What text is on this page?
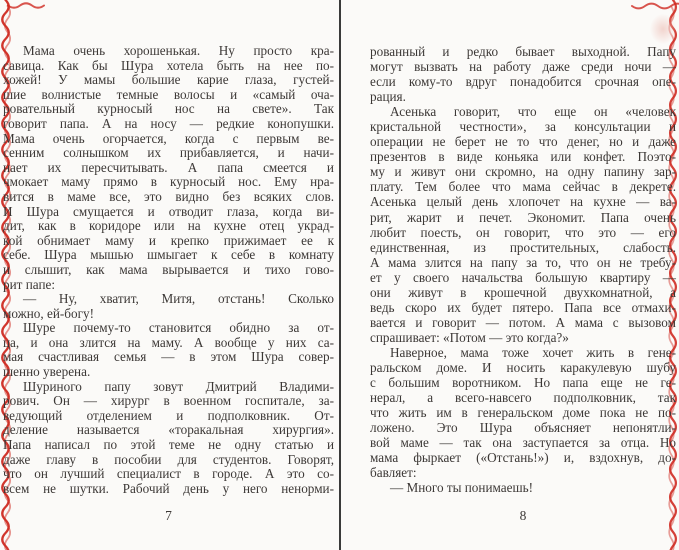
Мама очень хорошенькая. Ну просто кра-
савица. Как бы Шура хотела быть на нее по-
хожей! У мамы большие карие глаза, густей-
шие волнистые темные волосы и «самый оча-
ровательный курносый нос на свете». Так
говорит папа. А на носу — редкие конопушки.
Мама очень огорчается, когда с первым ве-
сенним солнышком их прибавляется, и начи-
нает их пересчитывать. А папа смеется и
чмокает маму прямо в курносый нос. Ему нра-
вится в маме все, это видно без всяких слов.
И Шура смущается и отводит глаза, когда ви-
дит, как в коридоре или на кухне отец украд-
кой обнимает маму и крепко прижимает ее к
себе. Шура мышью шмыгает к себе в комнату
и слышит, как мама вырывается и тихо гово-
рит папе:
— Ну, хватит, Митя, отстань! Сколько
можно, ей-богу!
Шуре почему-то становится обидно за от-
ца, и она злится на маму. А вообще у них са-
мая счастливая семья — в этом Шура совер-
шенно уверена.
Шуриного папу зовут Дмитрий Владими-
рович. Он — хирург в военном госпитале, за-
ведующий отделением и подполковник. От-
деление называется «торакальная хирургия».
Папа написал по этой теме не одну статью и
даже главу в пособии для студентов. Говорят,
что он лучший специалист в городе. А это со-
всем не шутки. Рабочий день у него ненорми-
7
рованный и редко бывает выходной. Папу
могут вызвать на работу даже среди ночи —
если кому-то вдруг понадобится срочная опе-
рация.
Асенька говорит, что еще он «человек
кристальной честности», за консультации и
операции не берет не то что денег, но и даже
презентов в виде коньяка или конфет. Поэто-
му и живут они скромно, на одну папину зар-
плату. Тем более что мама сейчас в декрете.
Асенька целый день хлопочет на кухне — ва-
рит, жарит и печет. Экономит. Папа очень
любит поесть, он говорит, что это — его
единственная, из простительных, слабость.
А мама злится на папу за то, что он не требу-
ет у своего начальства большую квартиру —
они живут в крошечной двухкомнатной, а
ведь скоро их будет пятеро. Папа все отмахи-
вается и говорит — потом. А мама с вызовом
спрашивает: «Потом — это когда?»
Наверное, мама тоже хочет жить в гене-
ральском доме. И носить каракулевую шубу
с большим воротником. Но папа еще не ге-
нерал, а всего-навсего подполковник, так
что жить им в генеральском доме пока не по-
ложено. Это Шура объясняет непонятли-
вой маме — так она заступается за отца. Но
мама фыркает («Отстань!») и, вздохнув, до-
бавляет:
— Много ты понимаешь!
8
